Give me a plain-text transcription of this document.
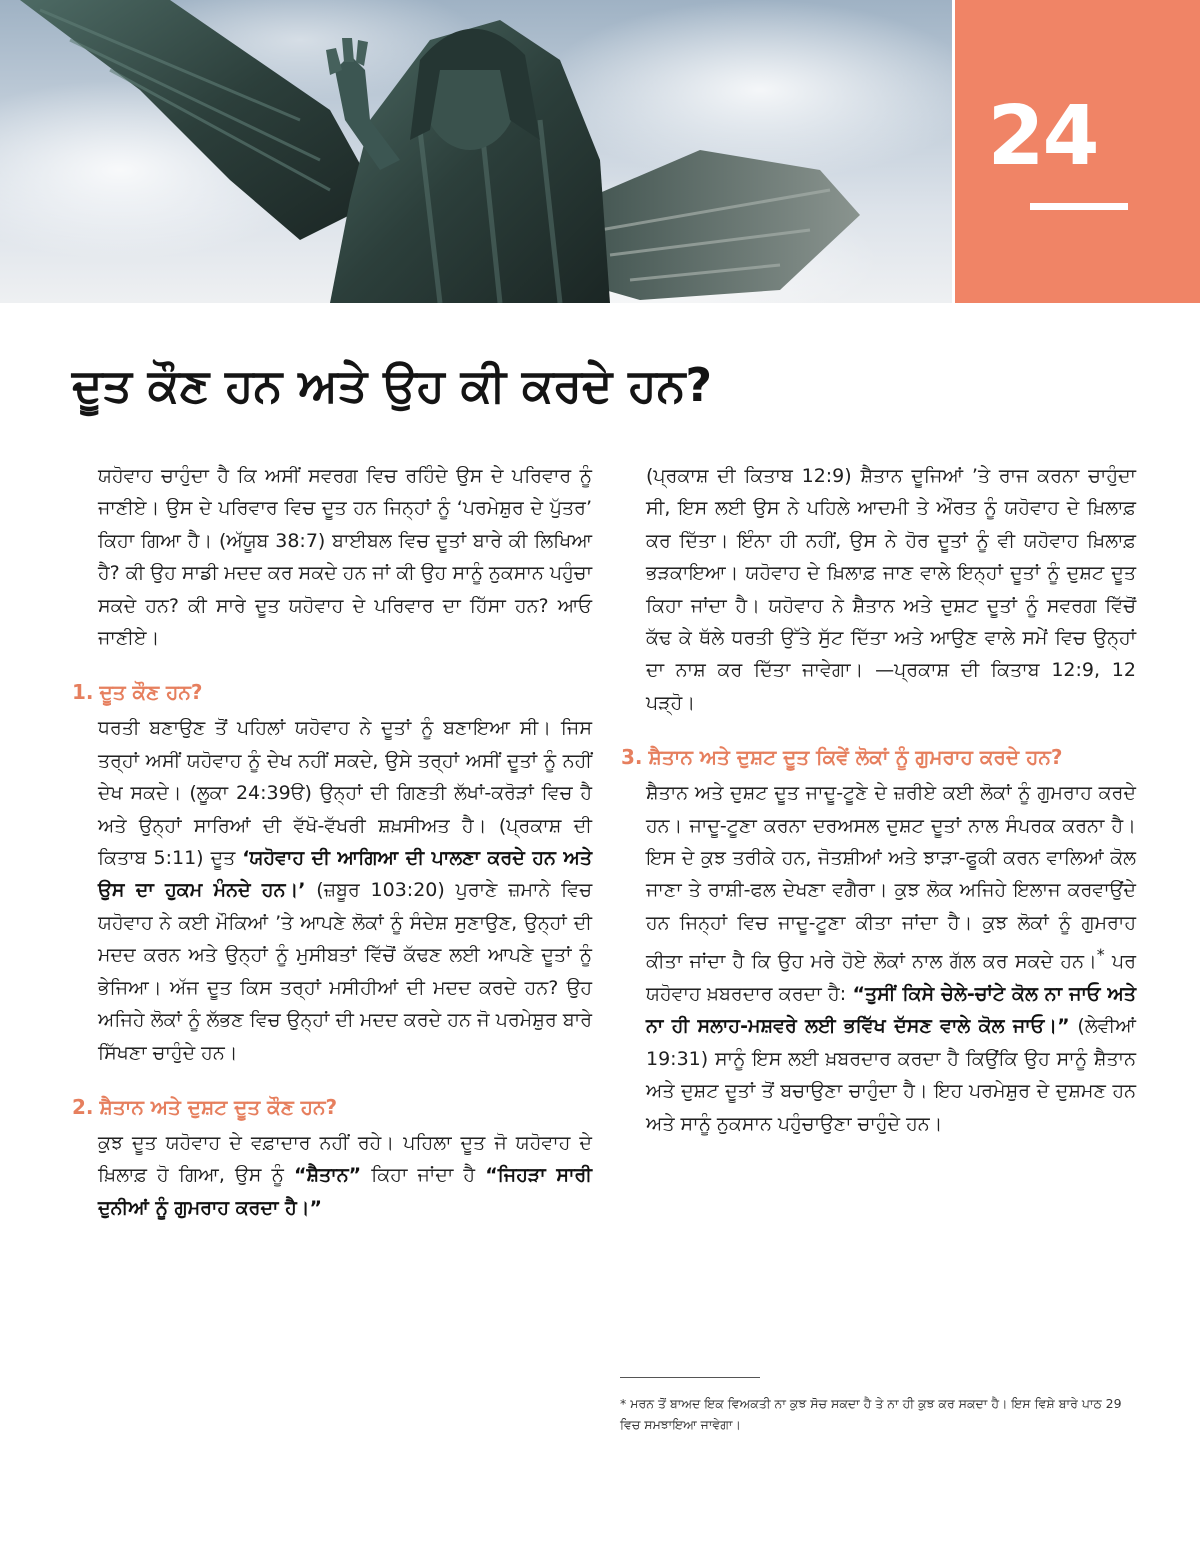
24
ਦੂਤ ਕੌਣ ਹਨ ਅਤੇ ਉਹ ਕੀ ਕਰਦੇ ਹਨ?

ਯਹੋਵਾਹ ਚਾਹੁੰਦਾ ਹੈ ਕਿ ਅਸੀਂ ਸਵਰਗ ਵਿਚ ਰਹਿੰਦੇ ਉਸ ਦੇ ਪਰਿਵਾਰ ਨੂੰ ਜਾਣੀਏ। ਉਸ ਦੇ ਪਰਿਵਾਰ ਵਿਚ ਦੂਤ ਹਨ ਜਿਨ੍ਹਾਂ ਨੂੰ ‘ਪਰਮੇਸ਼ੁਰ ਦੇ ਪੁੱਤਰ’ ਕਿਹਾ ਗਿਆ ਹੈ। (ਅੱਯੂਬ 38:7) ਬਾਈਬਲ ਵਿਚ ਦੂਤਾਂ ਬਾਰੇ ਕੀ ਲਿਖਿਆ ਹੈ? ਕੀ ਉਹ ਸਾਡੀ ਮਦਦ ਕਰ ਸਕਦੇ ਹਨ ਜਾਂ ਕੀ ਉਹ ਸਾਨੂੰ ਨੁਕਸਾਨ ਪਹੁੰਚਾ ਸਕਦੇ ਹਨ? ਕੀ ਸਾਰੇ ਦੂਤ ਯਹੋਵਾਹ ਦੇ ਪਰਿਵਾਰ ਦਾ ਹਿੱਸਾ ਹਨ? ਆਓ ਜਾਣੀਏ।

1. ਦੂਤ ਕੌਣ ਹਨ?

ਧਰਤੀ ਬਣਾਉਣ ਤੋਂ ਪਹਿਲਾਂ ਯਹੋਵਾਹ ਨੇ ਦੂਤਾਂ ਨੂੰ ਬਣਾਇਆ ਸੀ। ਜਿਸ ਤਰ੍ਹਾਂ ਅਸੀਂ ਯਹੋਵਾਹ ਨੂੰ ਦੇਖ ਨਹੀਂ ਸਕਦੇ, ਉਸੇ ਤਰ੍ਹਾਂ ਅਸੀਂ ਦੂਤਾਂ ਨੂੰ ਨਹੀਂ ਦੇਖ ਸਕਦੇ। (ਲੂਕਾ 24:39ੳ) ਉਨ੍ਹਾਂ ਦੀ ਗਿਣਤੀ ਲੱਖਾਂ-ਕਰੋੜਾਂ ਵਿਚ ਹੈ ਅਤੇ ਉਨ੍ਹਾਂ ਸਾਰਿਆਂ ਦੀ ਵੱਖੋ-ਵੱਖਰੀ ਸ਼ਖ਼ਸੀਅਤ ਹੈ। (ਪ੍ਰਕਾਸ਼ ਦੀ ਕਿਤਾਬ 5:11) ਦੂਤ ‘ਯਹੋਵਾਹ ਦੀ ਆਗਿਆ ਦੀ ਪਾਲਣਾ ਕਰਦੇ ਹਨ ਅਤੇ ਉਸ ਦਾ ਹੁਕਮ ਮੰਨਦੇ ਹਨ।’ (ਜ਼ਬੂਰ 103:20) ਪੁਰਾਣੇ ਜ਼ਮਾਨੇ ਵਿਚ ਯਹੋਵਾਹ ਨੇ ਕਈ ਮੌਕਿਆਂ ’ਤੇ ਆਪਣੇ ਲੋਕਾਂ ਨੂੰ ਸੰਦੇਸ਼ ਸੁਣਾਉਣ, ਉਨ੍ਹਾਂ ਦੀ ਮਦਦ ਕਰਨ ਅਤੇ ਉਨ੍ਹਾਂ ਨੂੰ ਮੁਸੀਬਤਾਂ ਵਿੱਚੋਂ ਕੱਢਣ ਲਈ ਆਪਣੇ ਦੂਤਾਂ ਨੂੰ ਭੇਜਿਆ। ਅੱਜ ਦੂਤ ਕਿਸ ਤਰ੍ਹਾਂ ਮਸੀਹੀਆਂ ਦੀ ਮਦਦ ਕਰਦੇ ਹਨ? ਉਹ ਅਜਿਹੇ ਲੋਕਾਂ ਨੂੰ ਲੱਭਣ ਵਿਚ ਉਨ੍ਹਾਂ ਦੀ ਮਦਦ ਕਰਦੇ ਹਨ ਜੋ ਪਰਮੇਸ਼ੁਰ ਬਾਰੇ ਸਿੱਖਣਾ ਚਾਹੁੰਦੇ ਹਨ।

2. ਸ਼ੈਤਾਨ ਅਤੇ ਦੁਸ਼ਟ ਦੂਤ ਕੌਣ ਹਨ?

ਕੁਝ ਦੂਤ ਯਹੋਵਾਹ ਦੇ ਵਫ਼ਾਦਾਰ ਨਹੀਂ ਰਹੇ। ਪਹਿਲਾ ਦੂਤ ਜੋ ਯਹੋਵਾਹ ਦੇ ਖ਼ਿਲਾਫ਼ ਹੋ ਗਿਆ, ਉਸ ਨੂੰ “ਸ਼ੈਤਾਨ” ਕਿਹਾ ਜਾਂਦਾ ਹੈ “ਜਿਹੜਾ ਸਾਰੀ ਦੁਨੀਆਂ ਨੂੰ ਗੁਮਰਾਹ ਕਰਦਾ ਹੈ।”

(ਪ੍ਰਕਾਸ਼ ਦੀ ਕਿਤਾਬ 12:9) ਸ਼ੈਤਾਨ ਦੂਜਿਆਂ ’ਤੇ ਰਾਜ ਕਰਨਾ ਚਾਹੁੰਦਾ ਸੀ, ਇਸ ਲਈ ਉਸ ਨੇ ਪਹਿਲੇ ਆਦਮੀ ਤੇ ਔਰਤ ਨੂੰ ਯਹੋਵਾਹ ਦੇ ਖ਼ਿਲਾਫ਼ ਕਰ ਦਿੱਤਾ। ਇੰਨਾ ਹੀ ਨਹੀਂ, ਉਸ ਨੇ ਹੋਰ ਦੂਤਾਂ ਨੂੰ ਵੀ ਯਹੋਵਾਹ ਖ਼ਿਲਾਫ਼ ਭੜਕਾਇਆ। ਯਹੋਵਾਹ ਦੇ ਖ਼ਿਲਾਫ਼ ਜਾਣ ਵਾਲੇ ਇਨ੍ਹਾਂ ਦੂਤਾਂ ਨੂੰ ਦੁਸ਼ਟ ਦੂਤ ਕਿਹਾ ਜਾਂਦਾ ਹੈ। ਯਹੋਵਾਹ ਨੇ ਸ਼ੈਤਾਨ ਅਤੇ ਦੁਸ਼ਟ ਦੂਤਾਂ ਨੂੰ ਸਵਰਗ ਵਿੱਚੋਂ ਕੱਢ ਕੇ ਥੱਲੇ ਧਰਤੀ ਉੱਤੇ ਸੁੱਟ ਦਿੱਤਾ ਅਤੇ ਆਉਣ ਵਾਲੇ ਸਮੇਂ ਵਿਚ ਉਨ੍ਹਾਂ ਦਾ ਨਾਸ਼ ਕਰ ਦਿੱਤਾ ਜਾਵੇਗਾ। —ਪ੍ਰਕਾਸ਼ ਦੀ ਕਿਤਾਬ 12:9, 12 ਪੜ੍ਹੋ।

3. ਸ਼ੈਤਾਨ ਅਤੇ ਦੁਸ਼ਟ ਦੂਤ ਕਿਵੇਂ ਲੋਕਾਂ ਨੂੰ ਗੁਮਰਾਹ ਕਰਦੇ ਹਨ?

ਸ਼ੈਤਾਨ ਅਤੇ ਦੁਸ਼ਟ ਦੂਤ ਜਾਦੂ-ਟੂਣੇ ਦੇ ਜ਼ਰੀਏ ਕਈ ਲੋਕਾਂ ਨੂੰ ਗੁਮਰਾਹ ਕਰਦੇ ਹਨ। ਜਾਦੂ-ਟੂਣਾ ਕਰਨਾ ਦਰਅਸਲ ਦੁਸ਼ਟ ਦੂਤਾਂ ਨਾਲ ਸੰਪਰਕ ਕਰਨਾ ਹੈ। ਇਸ ਦੇ ਕੁਝ ਤਰੀਕੇ ਹਨ, ਜੋਤਸ਼ੀਆਂ ਅਤੇ ਝਾੜਾ-ਫੂਕੀ ਕਰਨ ਵਾਲਿਆਂ ਕੋਲ ਜਾਣਾ ਤੇ ਰਾਸ਼ੀ-ਫਲ ਦੇਖਣਾ ਵਗੈਰਾ। ਕੁਝ ਲੋਕ ਅਜਿਹੇ ਇਲਾਜ ਕਰਵਾਉਂਦੇ ਹਨ ਜਿਨ੍ਹਾਂ ਵਿਚ ਜਾਦੂ-ਟੂਣਾ ਕੀਤਾ ਜਾਂਦਾ ਹੈ। ਕੁਝ ਲੋਕਾਂ ਨੂੰ ਗੁਮਰਾਹ ਕੀਤਾ ਜਾਂਦਾ ਹੈ ਕਿ ਉਹ ਮਰੇ ਹੋਏ ਲੋਕਾਂ ਨਾਲ ਗੱਲ ਕਰ ਸਕਦੇ ਹਨ।* ਪਰ ਯਹੋਵਾਹ ਖ਼ਬਰਦਾਰ ਕਰਦਾ ਹੈ: “ਤੁਸੀਂ ਕਿਸੇ ਚੇਲੇ-ਚਾਂਟੇ ਕੋਲ ਨਾ ਜਾਓ ਅਤੇ ਨਾ ਹੀ ਸਲਾਹ-ਮਸ਼ਵਰੇ ਲਈ ਭਵਿੱਖ ਦੱਸਣ ਵਾਲੇ ਕੋਲ ਜਾਓ।” (ਲੇਵੀਆਂ 19:31) ਸਾਨੂੰ ਇਸ ਲਈ ਖ਼ਬਰਦਾਰ ਕਰਦਾ ਹੈ ਕਿਉਂਕਿ ਉਹ ਸਾਨੂੰ ਸ਼ੈਤਾਨ ਅਤੇ ਦੁਸ਼ਟ ਦੂਤਾਂ ਤੋਂ ਬਚਾਉਣਾ ਚਾਹੁੰਦਾ ਹੈ। ਇਹ ਪਰਮੇਸ਼ੁਰ ਦੇ ਦੁਸ਼ਮਣ ਹਨ ਅਤੇ ਸਾਨੂੰ ਨੁਕਸਾਨ ਪਹੁੰਚਾਉਣਾ ਚਾਹੁੰਦੇ ਹਨ।

* ਮਰਨ ਤੋਂ ਬਾਅਦ ਇਕ ਵਿਅਕਤੀ ਨਾ ਕੁਝ ਸੋਚ ਸਕਦਾ ਹੈ ਤੇ ਨਾ ਹੀ ਕੁਝ ਕਰ ਸਕਦਾ ਹੈ। ਇਸ ਵਿਸ਼ੇ ਬਾਰੇ ਪਾਠ 29 ਵਿਚ ਸਮਝਾਇਆ ਜਾਵੇਗਾ।
